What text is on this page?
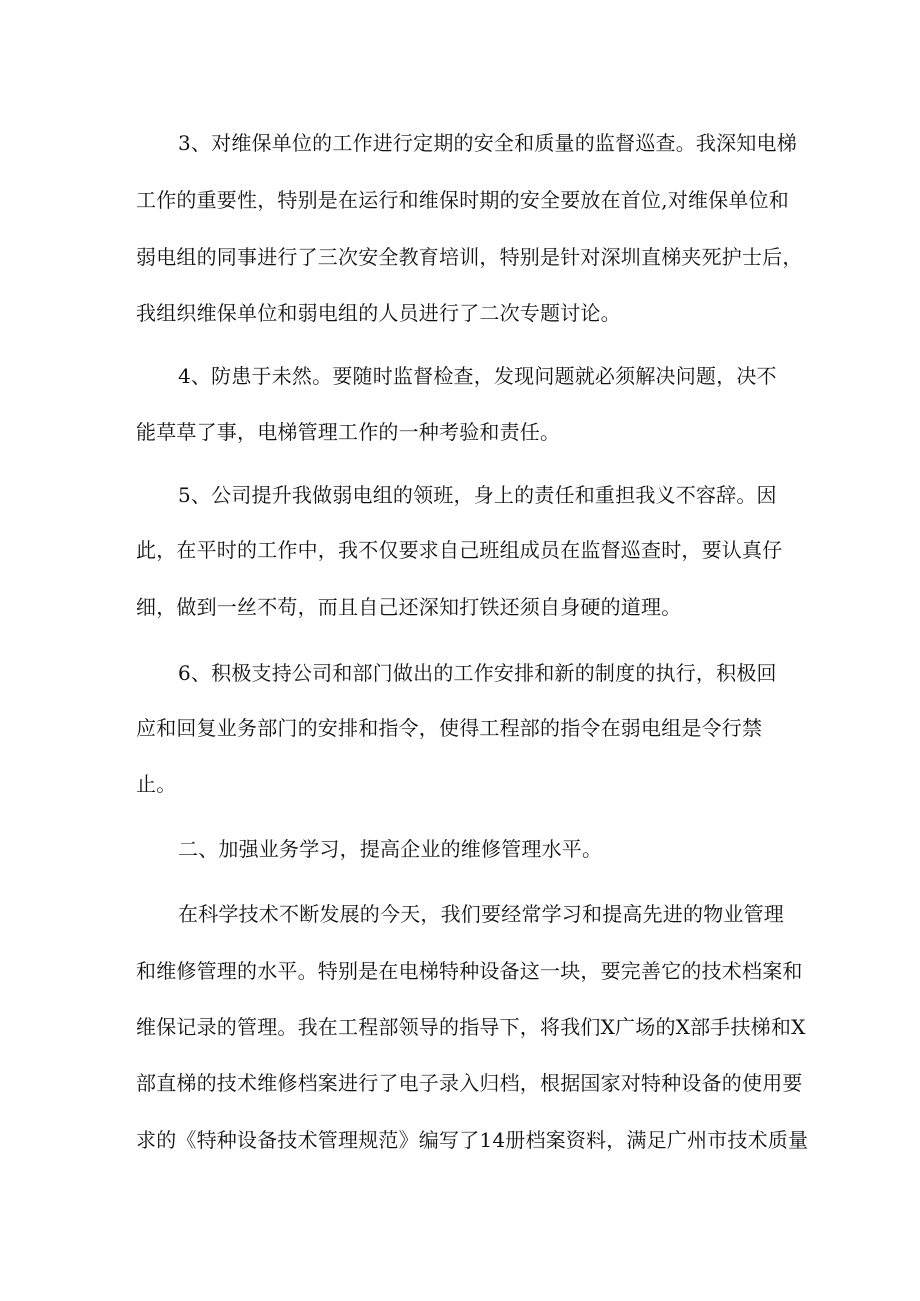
3、对维保单位的工作进行定期的安全和质量的监督巡查。我深知电梯
工作的重要性，特别是在运行和维保时期的安全要放在首位,对维保单位和
弱电组的同事进行了三次安全教育培训，特别是针对深圳直梯夹死护士后，
我组织维保单位和弱电组的人员进行了二次专题讨论。
4、防患于未然。要随时监督检查，发现问题就必须解决问题，决不
能草草了事，电梯管理工作的一种考验和责任。
5、公司提升我做弱电组的领班，身上的责任和重担我义不容辞。因
此，在平时的工作中，我不仅要求自己班组成员在监督巡查时，要认真仔
细，做到一丝不苟，而且自己还深知打铁还须自身硬的道理。
6、积极支持公司和部门做出的工作安排和新的制度的执行，积极回
应和回复业务部门的安排和指令，使得工程部的指令在弱电组是令行禁
止。
二、加强业务学习，提高企业的维修管理水平。
在科学技术不断发展的今天，我们要经常学习和提高先进的物业管理
和维修管理的水平。特别是在电梯特种设备这一块，要完善它的技术档案和
维保记录的管理。我在工程部领导的指导下，将我们X广场的X部手扶梯和X
部直梯的技术维修档案进行了电子录入归档，根据国家对特种设备的使用要
求的《特种设备技术管理规范》编写了14册档案资料，满足广州市技术质量
